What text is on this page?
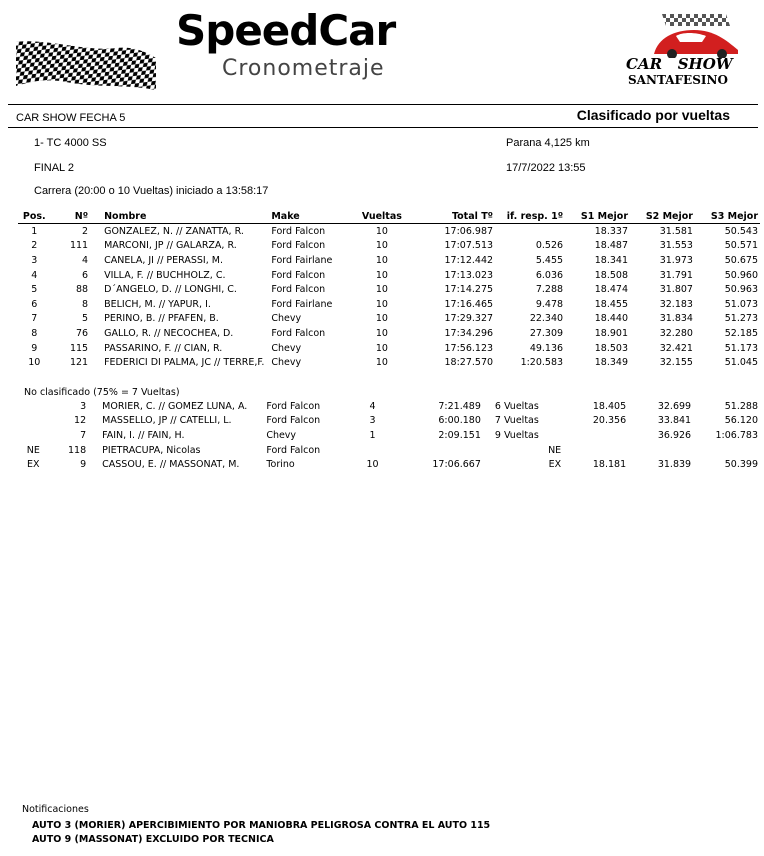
SpeedCar
Cronometraje	CAR   SHOW
SANTAFESINO
CAR SHOW FECHA 5	Clasificado por vueltas
1- TC 4000 SS	Parana 4,125 km
FINAL 2	17/7/2022 13:55
Carrera (20:00 o 10 Vueltas) iniciado a 13:58:17
Pos.	Nº	Nombre	Make	Vueltas	Total Tº	if. resp. 1º	S1 Mejor	S2 Mejor	S3 Mejor
1	2	GONZALEZ, N. // ZANATTA, R.	Ford Falcon	10	17:06.987		18.337	31.581	50.543
2	111	MARCONI, JP // GALARZA, R.	Ford Falcon	10	17:07.513	0.526	18.487	31.553	50.571
3	4	CANELA, JI // PERASSI, M.	Ford Fairlane	10	17:12.442	5.455	18.341	31.973	50.675
4	6	VILLA, F. // BUCHHOLZ, C.	Ford Falcon	10	17:13.023	6.036	18.508	31.791	50.960
5	88	D´ANGELO, D. // LONGHI, C.	Ford Falcon	10	17:14.275	7.288	18.474	31.807	50.963
6	8	BELICH, M. // YAPUR, I.	Ford Fairlane	10	17:16.465	9.478	18.455	32.183	51.073
7	5	PERINO, B. // PFAFEN, B.	Chevy	10	17:29.327	22.340	18.440	31.834	51.273
8	76	GALLO, R. // NECOCHEA, D.	Ford Falcon	10	17:34.296	27.309	18.901	32.280	52.185
9	115	PASSARINO, F. // CIAN, R.	Chevy	10	17:56.123	49.136	18.503	32.421	51.173
10	121	FEDERICI DI PALMA, JC // TERRE,F.	Chevy	10	18:27.570	1:20.583	18.349	32.155	51.045
No clasificado (75% = 7 Vueltas)
	3	MORIER, C. // GOMEZ LUNA, A.	Ford Falcon	4	7:21.489	6 Vueltas	18.405	32.699	51.288
	12	MASSELLO, JP // CATELLI, L.	Ford Falcon	3	6:00.180	7 Vueltas	20.356	33.841	56.120
	7	FAIN, I. // FAIN, H.	Chevy	1	2:09.151	9 Vueltas		36.926	1:06.783
NE	118	PIETRACUPA, Nicolas	Ford Falcon			NE			
EX	9	CASSOU, E. // MASSONAT, M.	Torino	10	17:06.667	EX	18.181	31.839	50.399
Notificaciones
AUTO 3 (MORIER) APERCIBIMIENTO POR MANIOBRA PELIGROSA CONTRA EL AUTO 115
AUTO 9 (MASSONAT) EXCLUIDO POR TECNICA
